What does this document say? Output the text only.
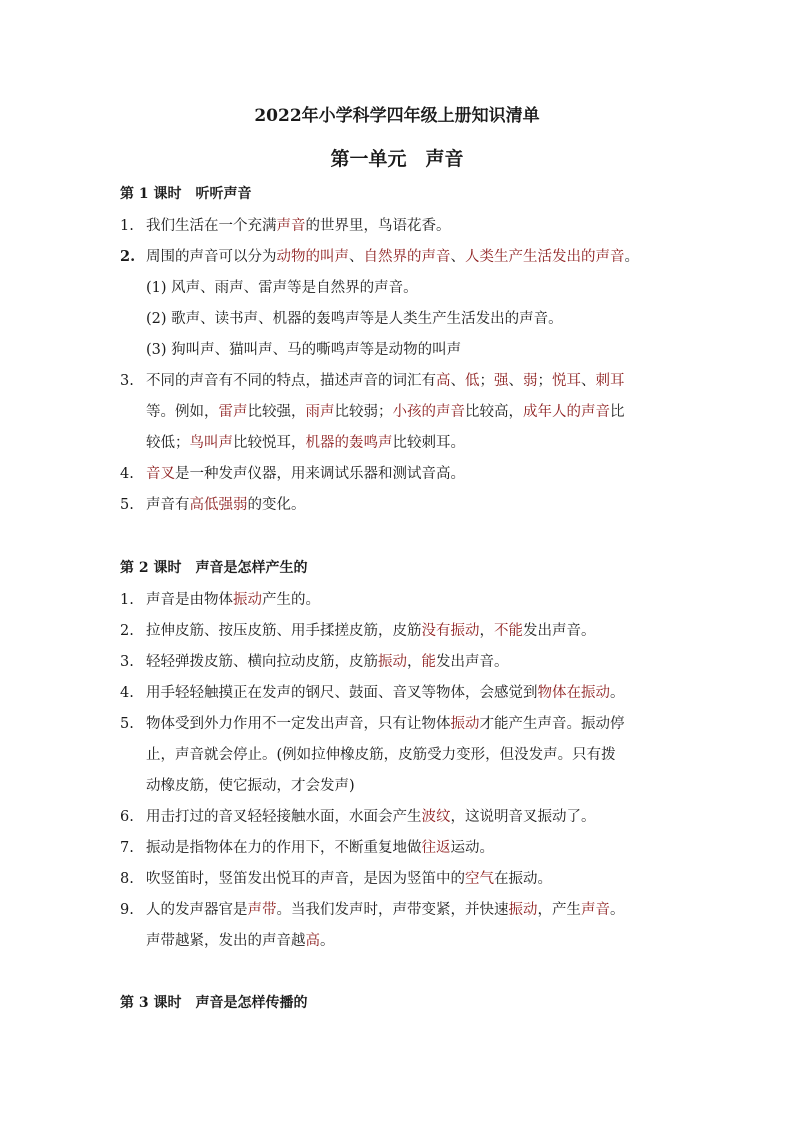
2022年小学科学四年级上册知识清单
第一单元　声音
第 1 课时 听听声音
1. 我们生活在一个充满声音的世界里，鸟语花香。
2. 周围的声音可以分为动物的叫声、自然界的声音、人类生产生活发出的声音。
(1) 风声、雨声、雷声等是自然界的声音。
(2) 歌声、读书声、机器的轰鸣声等是人类生产生活发出的声音。
(3) 狗叫声、猫叫声、马的嘶鸣声等是动物的叫声
3. 不同的声音有不同的特点，描述声音的词汇有高、低；强、弱；悦耳、刺耳
等。例如，雷声比较强，雨声比较弱；小孩的声音比较高，成年人的声音比
较低；鸟叫声比较悦耳，机器的轰鸣声比较刺耳。
4. 音叉是一种发声仪器，用来调试乐器和测试音高。
5. 声音有高低强弱的变化。
第 2 课时 声音是怎样产生的
1. 声音是由物体振动产生的。
2. 拉伸皮筋、按压皮筋、用手揉搓皮筋，皮筋没有振动，不能发出声音。
3. 轻轻弹拨皮筋、横向拉动皮筋，皮筋振动，能发出声音。
4. 用手轻轻触摸正在发声的钢尺、鼓面、音叉等物体，会感觉到物体在振动。
5. 物体受到外力作用不一定发出声音，只有让物体振动才能产生声音。振动停
止，声音就会停止。(例如拉伸橡皮筋，皮筋受力变形，但没发声。只有拨
动橡皮筋，使它振动，才会发声)
6. 用击打过的音叉轻轻接触水面，水面会产生波纹，这说明音叉振动了。
7. 振动是指物体在力的作用下，不断重复地做往返运动。
8. 吹竖笛时，竖笛发出悦耳的声音，是因为竖笛中的空气在振动。
9. 人的发声器官是声带。当我们发声时，声带变紧，并快速振动，产生声音。
声带越紧，发出的声音越高。
第 3 课时 声音是怎样传播的
